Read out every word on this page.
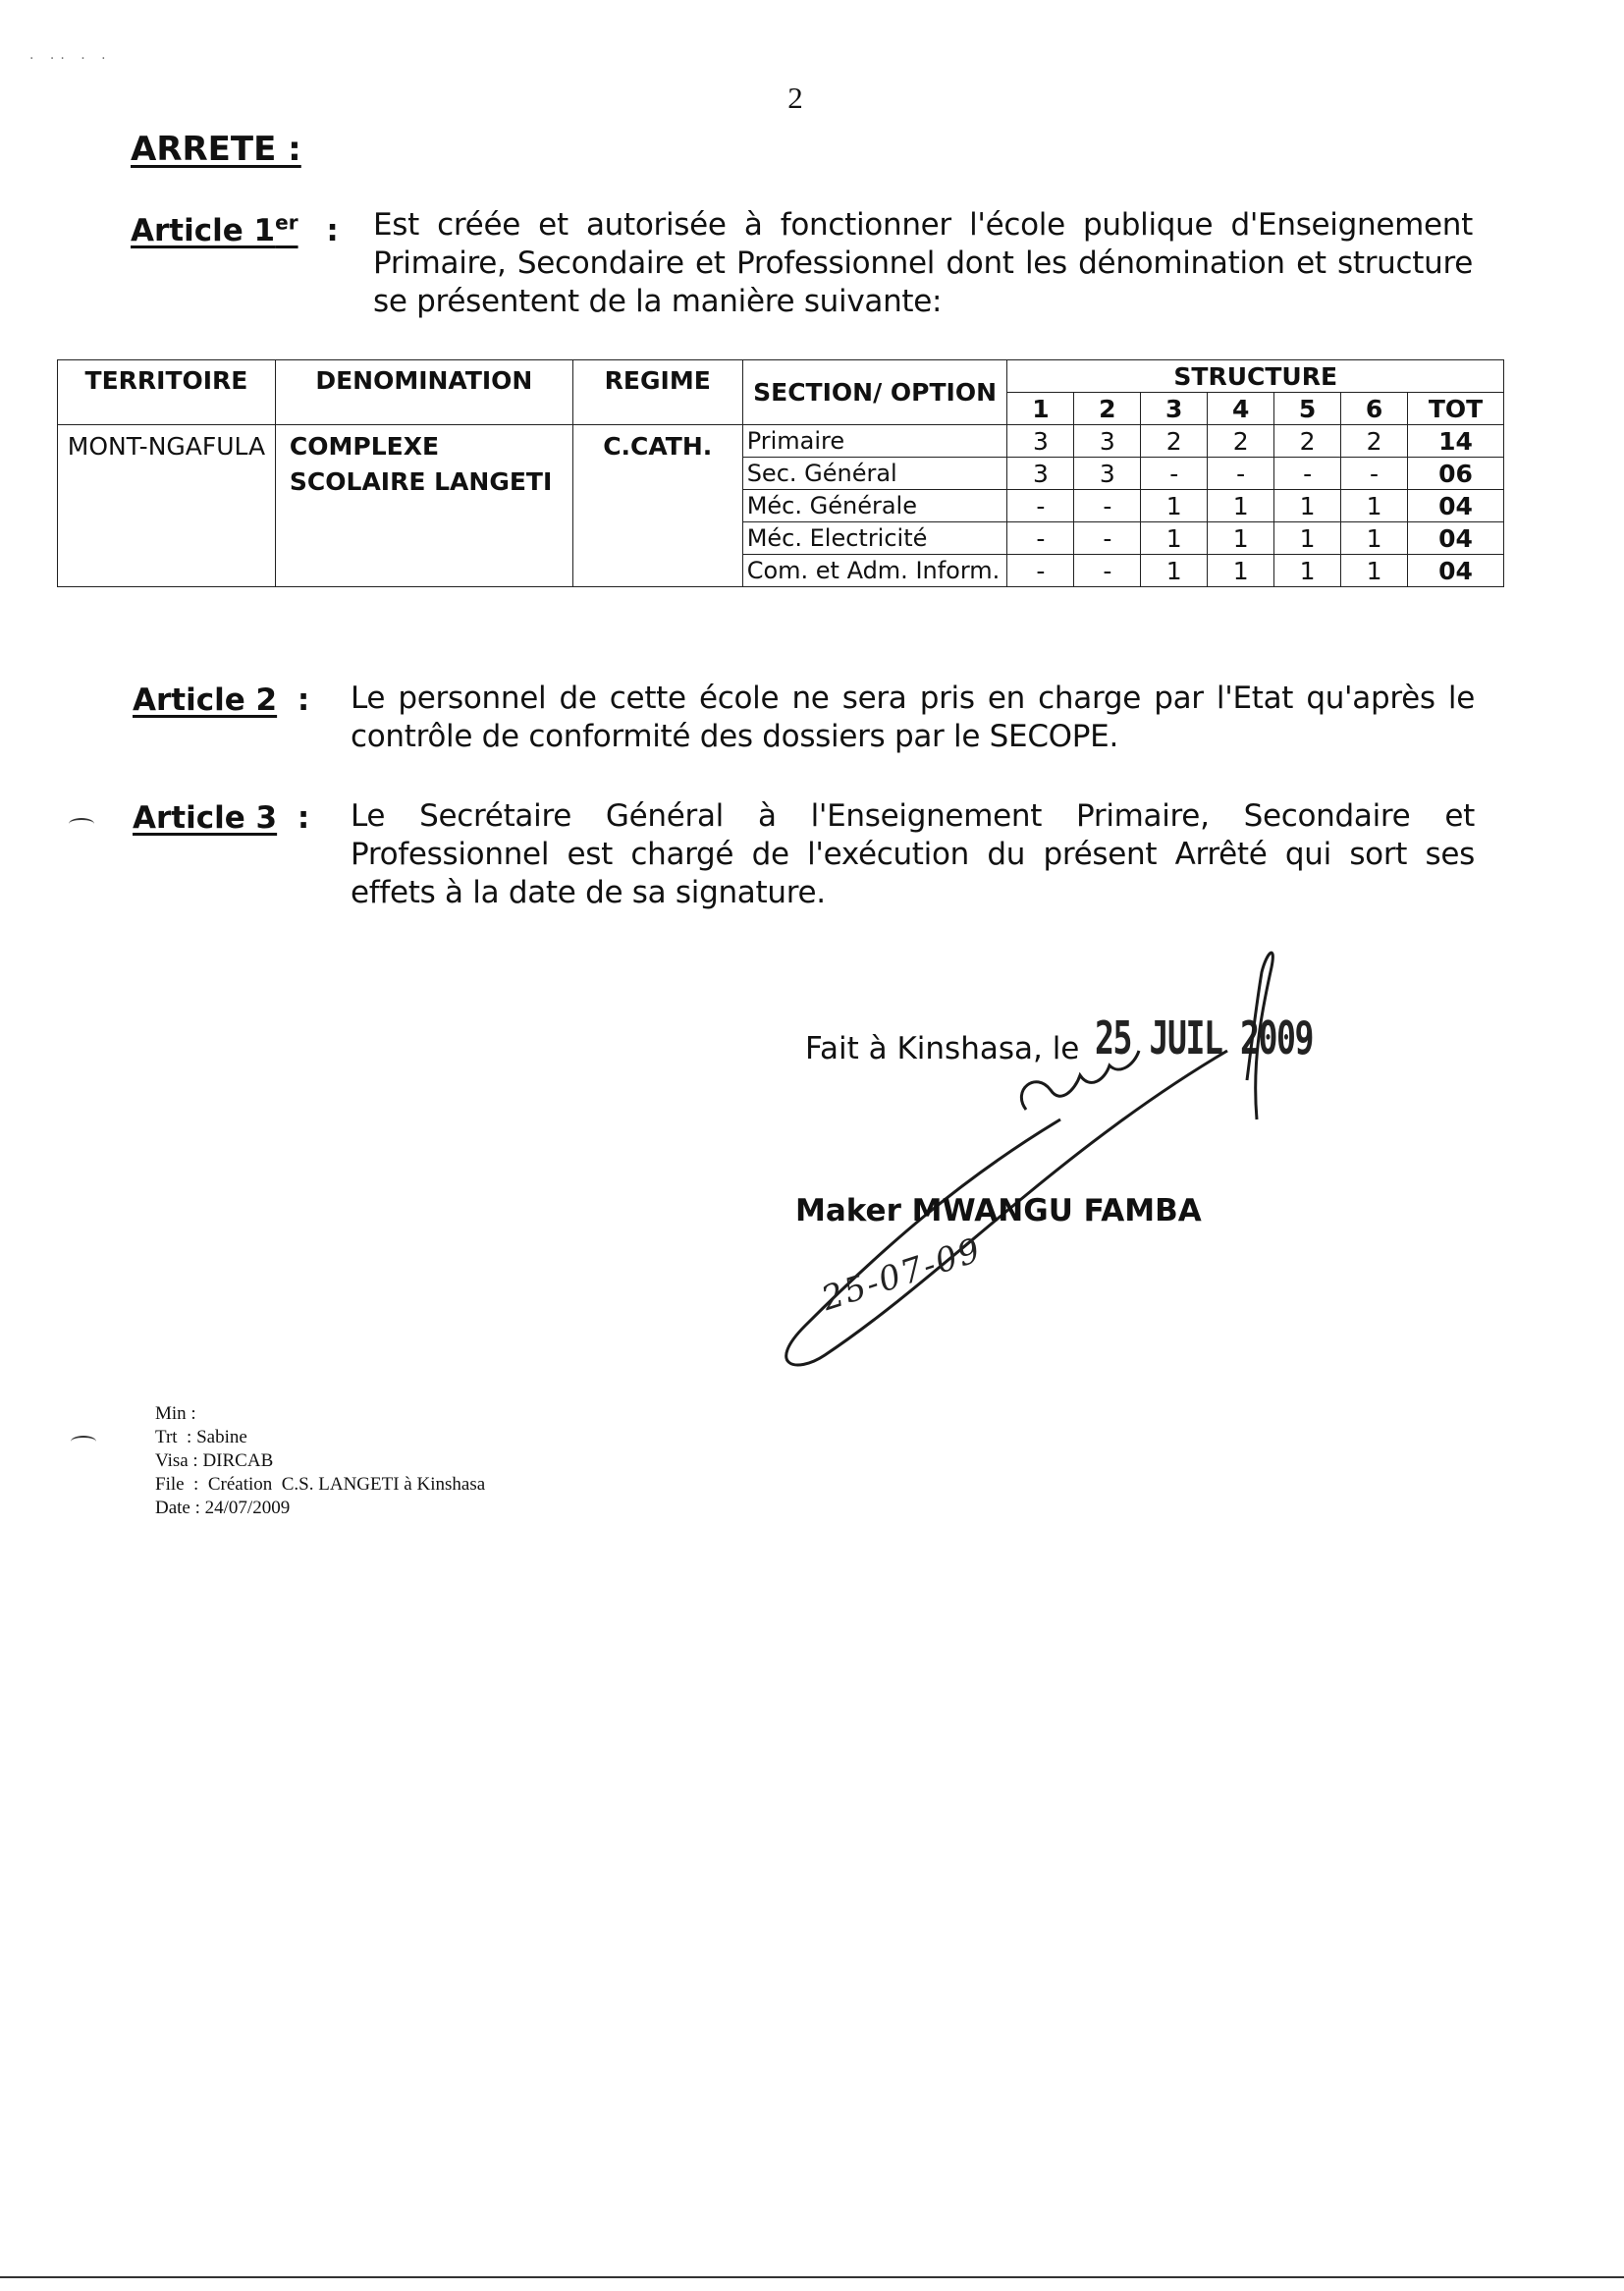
· ·· · ·
2
ARRETE :
Article 1er : Est créée et autorisée à fonctionner l'école publique d'Enseignement Primaire, Secondaire et Professionnel dont les dénomination et structure se présentent de la manière suivante:
TERRITOIRE	DENOMINATION	REGIME	SECTION/ OPTION	STRUCTURE						
				1	2	3	4	5	6	TOT
MONT-NGAFULA	COMPLEXE SCOLAIRE LANGETI	C.CATH.	Primaire	3	3	2	2	2	2	14
			Sec. Général	3	3	-	-	-	-	06
			Méc. Générale	-	-	1	1	1	1	04
			Méc. Electricité	-	-	1	1	1	1	04
			Com. et Adm. Inform.	-	-	1	1	1	1	04
Article 2 : Le personnel de cette école ne sera pris en charge par l'Etat qu'après le contrôle de conformité des dossiers par le SECOPE.
Article 3 : Le Secrétaire Général à l'Enseignement Primaire, Secondaire et Professionnel est chargé de l'exécution du présent Arrêté qui sort ses effets à la date de sa signature.
Fait à Kinshasa, le 25 JUIL 2009
Maker MWANGU FAMBA
25-07-09
Min :
Trt  : Sabine
Visa : DIRCAB
File  :  Création  C.S. LANGETI à Kinshasa
Date : 24/07/2009
